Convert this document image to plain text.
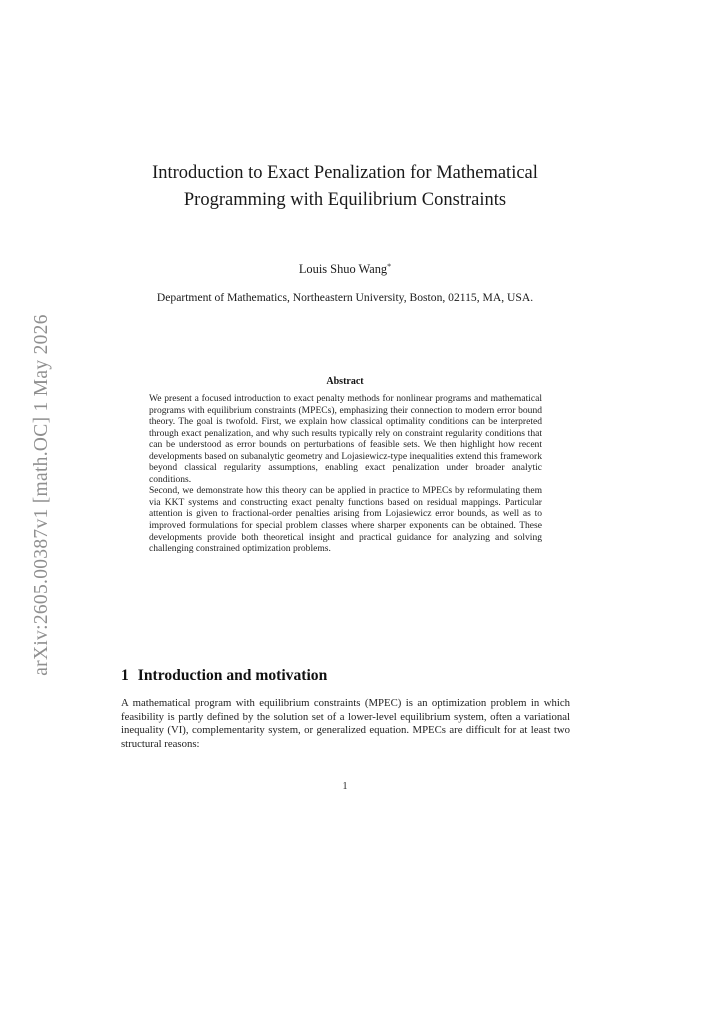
arXiv:2605.00387v1 [math.OC] 1 May 2026
Introduction to Exact Penalization for Mathematical Programming with Equilibrium Constraints
Louis Shuo Wang*
Department of Mathematics, Northeastern University, Boston, 02115, MA, USA.
Abstract

We present a focused introduction to exact penalty methods for nonlinear programs and mathematical programs with equilibrium constraints (MPECs), emphasizing their connection to modern error bound theory. The goal is twofold. First, we explain how classical optimality conditions can be interpreted through exact penalization, and why such results typically rely on constraint regularity conditions that can be understood as error bounds on perturbations of feasible sets. We then highlight how recent developments based on subanalytic geometry and Lojasiewicz-type inequalities extend this framework beyond classical regularity assumptions, enabling exact penalization under broader analytic conditions.

Second, we demonstrate how this theory can be applied in practice to MPECs by reformulating them via KKT systems and constructing exact penalty functions based on residual mappings. Particular attention is given to fractional-order penalties arising from Lojasiewicz error bounds, as well as to improved formulations for special problem classes where sharper exponents can be obtained. These developments provide both theoretical insight and practical guidance for analyzing and solving challenging constrained optimization problems.

1 Introduction and motivation
A mathematical program with equilibrium constraints (MPEC) is an optimization problem in which feasibility is partly defined by the solution set of a lower-level equilibrium system, often a variational inequality (VI), complementarity system, or generalized equation. MPECs are difficult for at least two structural reasons:
1
